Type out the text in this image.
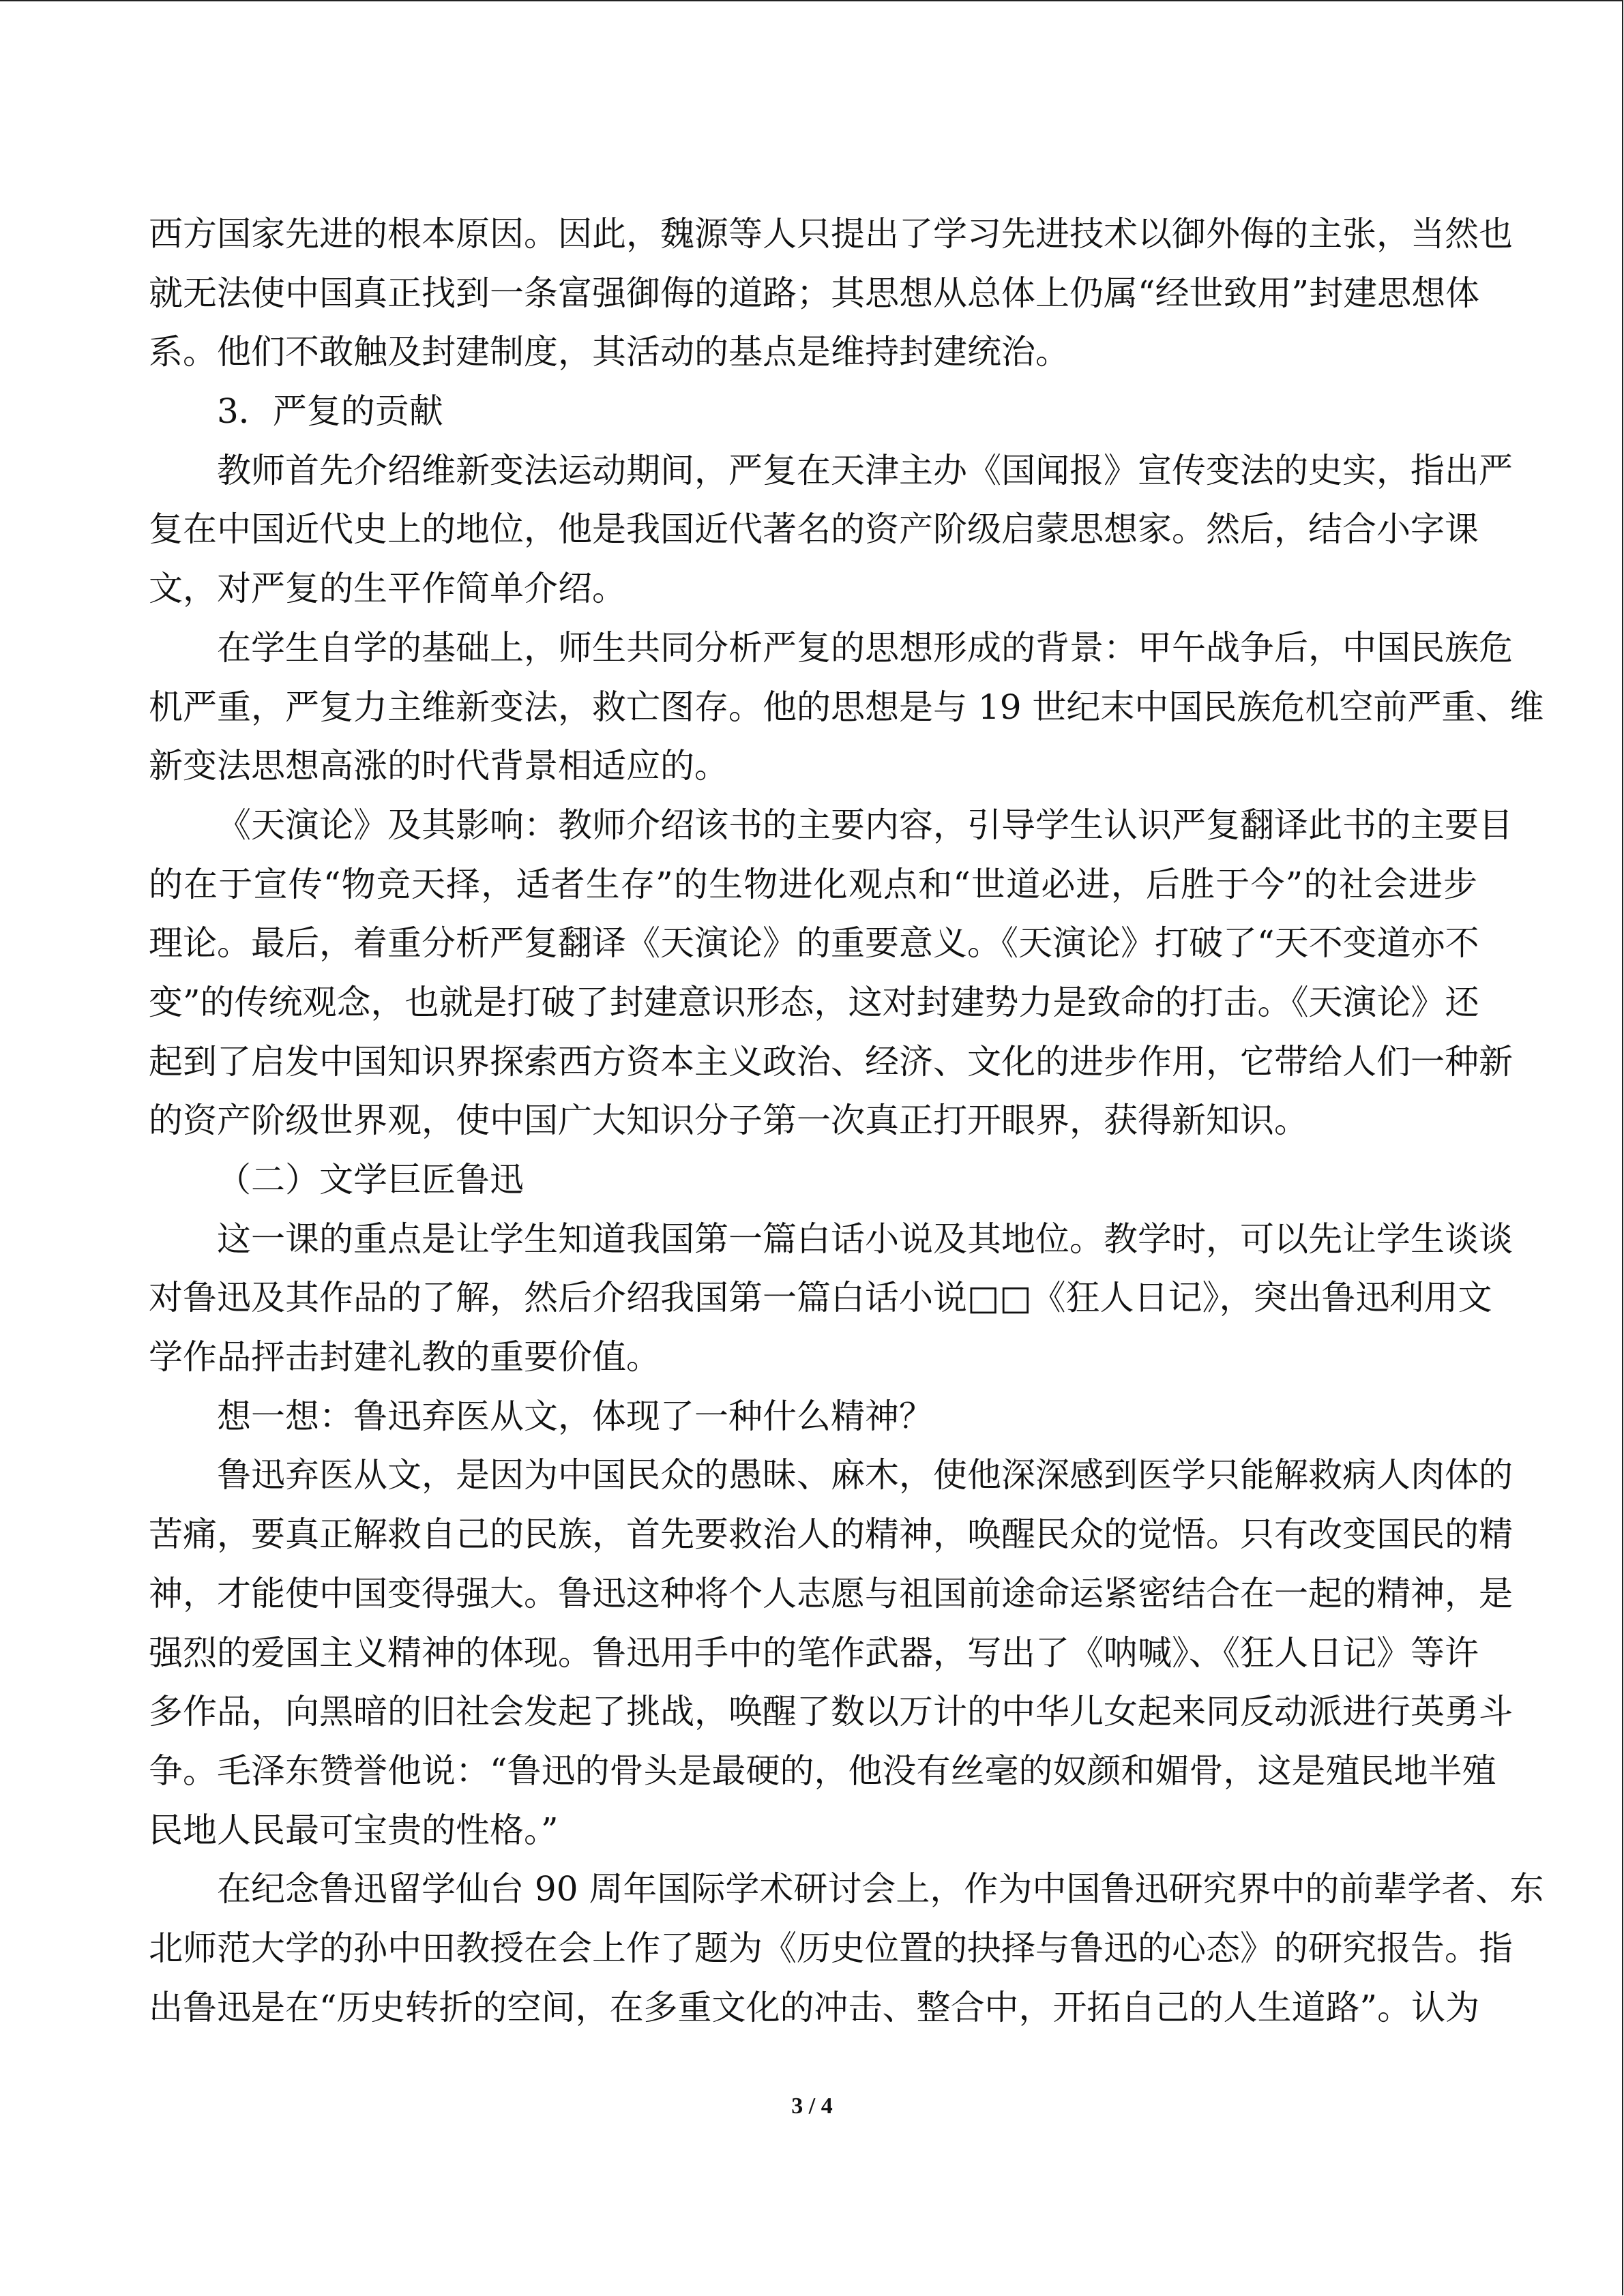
西方国家先进的根本原因。因此，魏源等人只提出了学习先进技术以御外侮的主张，当然也
就无法使中国真正找到一条富强御侮的道路；其思想从总体上仍属“经世致用”封建思想体
系。他们不敢触及封建制度，其活动的基点是维持封建统治。
3．严复的贡献
教师首先介绍维新变法运动期间，严复在天津主办《国闻报》宣传变法的史实，指出严
复在中国近代史上的地位，他是我国近代著名的资产阶级启蒙思想家。然后，结合小字课
文，对严复的生平作简单介绍。
在学生自学的基础上，师生共同分析严复的思想形成的背景：甲午战争后，中国民族危
机严重，严复力主维新变法，救亡图存。他的思想是与 19 世纪末中国民族危机空前严重、维
新变法思想高涨的时代背景相适应的。
《天演论》及其影响：教师介绍该书的主要内容，引导学生认识严复翻译此书的主要目
的在于宣传“物竞天择，适者生存”的生物进化观点和“世道必进，后胜于今”的社会进步
理论。最后，着重分析严复翻译《天演论》的重要意义。《天演论》打破了“天不变道亦不
变”的传统观念，也就是打破了封建意识形态，这对封建势力是致命的打击。《天演论》还
起到了启发中国知识界探索西方资本主义政治、经济、文化的进步作用，它带给人们一种新
的资产阶级世界观，使中国广大知识分子第一次真正打开眼界，获得新知识。
（二）文学巨匠鲁迅
这一课的重点是让学生知道我国第一篇白话小说及其地位。教学时，可以先让学生谈谈
对鲁迅及其作品的了解，然后介绍我国第一篇白话小说□□《狂人日记》，突出鲁迅利用文
学作品抨击封建礼教的重要价值。
想一想：鲁迅弃医从文，体现了一种什么精神？
鲁迅弃医从文，是因为中国民众的愚昧、麻木，使他深深感到医学只能解救病人肉体的
苦痛，要真正解救自己的民族，首先要救治人的精神，唤醒民众的觉悟。只有改变国民的精
神，才能使中国变得强大。鲁迅这种将个人志愿与祖国前途命运紧密结合在一起的精神，是
强烈的爱国主义精神的体现。鲁迅用手中的笔作武器，写出了《呐喊》、《狂人日记》等许
多作品，向黑暗的旧社会发起了挑战，唤醒了数以万计的中华儿女起来同反动派进行英勇斗
争。毛泽东赞誉他说：“鲁迅的骨头是最硬的，他没有丝毫的奴颜和媚骨，这是殖民地半殖
民地人民最可宝贵的性格。”
在纪念鲁迅留学仙台 90 周年国际学术研讨会上，作为中国鲁迅研究界中的前辈学者、东
北师范大学的孙中田教授在会上作了题为《历史位置的抉择与鲁迅的心态》的研究报告。指
出鲁迅是在“历史转折的空间，在多重文化的冲击、整合中，开拓自己的人生道路”。认为
3 / 4
